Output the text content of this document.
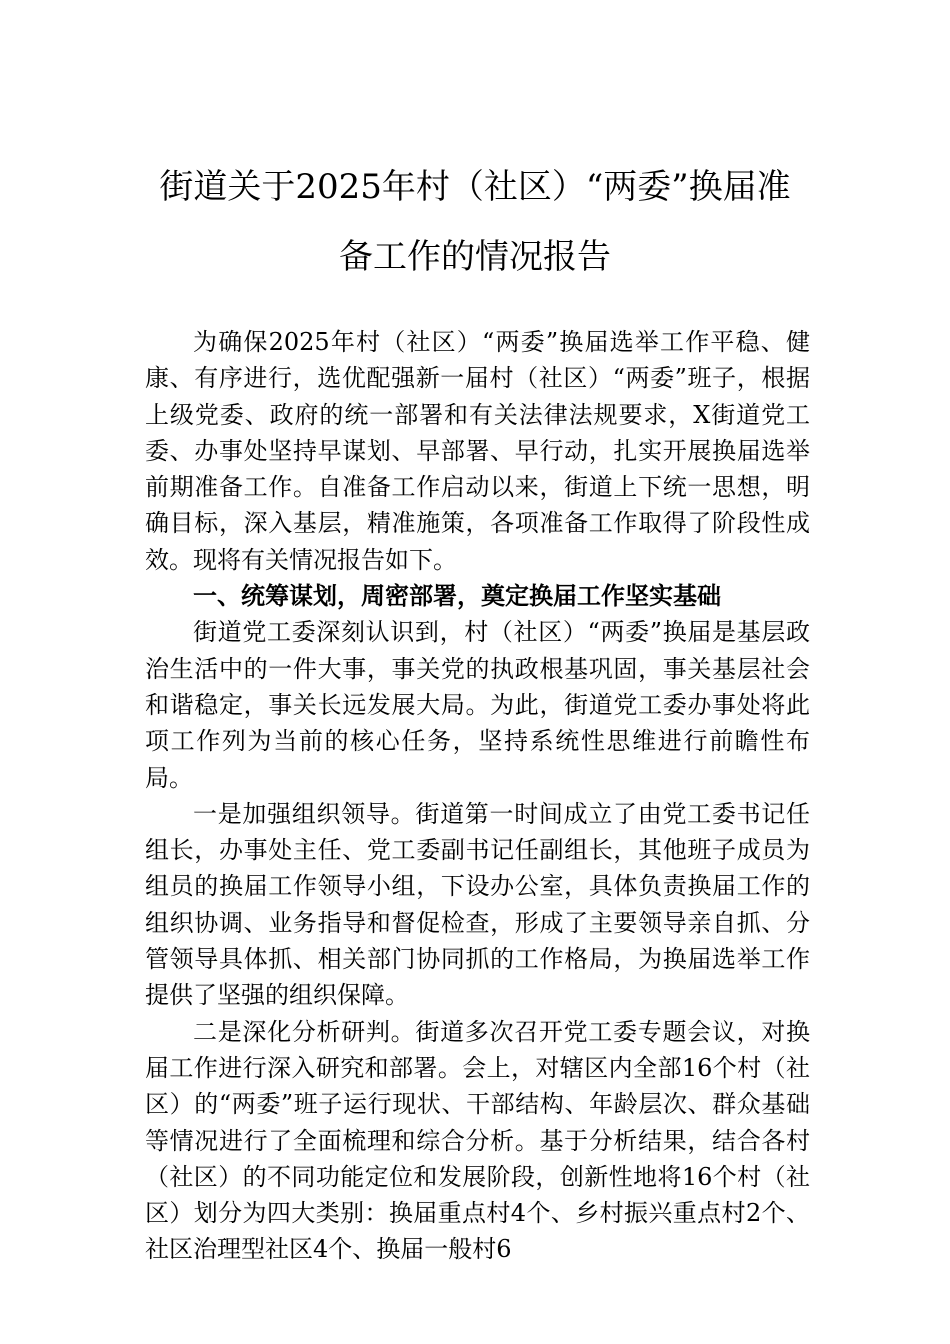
街道关于2025年村（社区）“两委”换届准
备工作的情况报告

为确保2025年村（社区）“两委”换届选举工作平稳、健康、有序进行，选优配强新一届村（社区）“两委”班子，根据上级党委、政府的统一部署和有关法律法规要求，X街道党工委、办事处坚持早谋划、早部署、早行动，扎实开展换届选举前期准备工作。自准备工作启动以来，街道上下统一思想，明确目标，深入基层，精准施策，各项准备工作取得了阶段性成效。现将有关情况报告如下。

一、统筹谋划，周密部署，奠定换届工作坚实基础

街道党工委深刻认识到，村（社区）“两委”换届是基层政治生活中的一件大事，事关党的执政根基巩固，事关基层社会和谐稳定，事关长远发展大局。为此，街道党工委办事处将此项工作列为当前的核心任务，坚持系统性思维进行前瞻性布局。

一是加强组织领导。街道第一时间成立了由党工委书记任组长，办事处主任、党工委副书记任副组长，其他班子成员为组员的换届工作领导小组，下设办公室，具体负责换届工作的组织协调、业务指导和督促检查，形成了主要领导亲自抓、分管领导具体抓、相关部门协同抓的工作格局，为换届选举工作提供了坚强的组织保障。

二是深化分析研判。街道多次召开党工委专题会议，对换届工作进行深入研究和部署。会上，对辖区内全部16个村（社区）的“两委”班子运行现状、干部结构、年龄层次、群众基础等情况进行了全面梳理和综合分析。基于分析结果，结合各村（社区）的不同功能定位和发展阶段，创新性地将16个村（社区）划分为四大类别：换届重点村4个、乡村振兴重点村2个、社区治理型社区4个、换届一般村6
